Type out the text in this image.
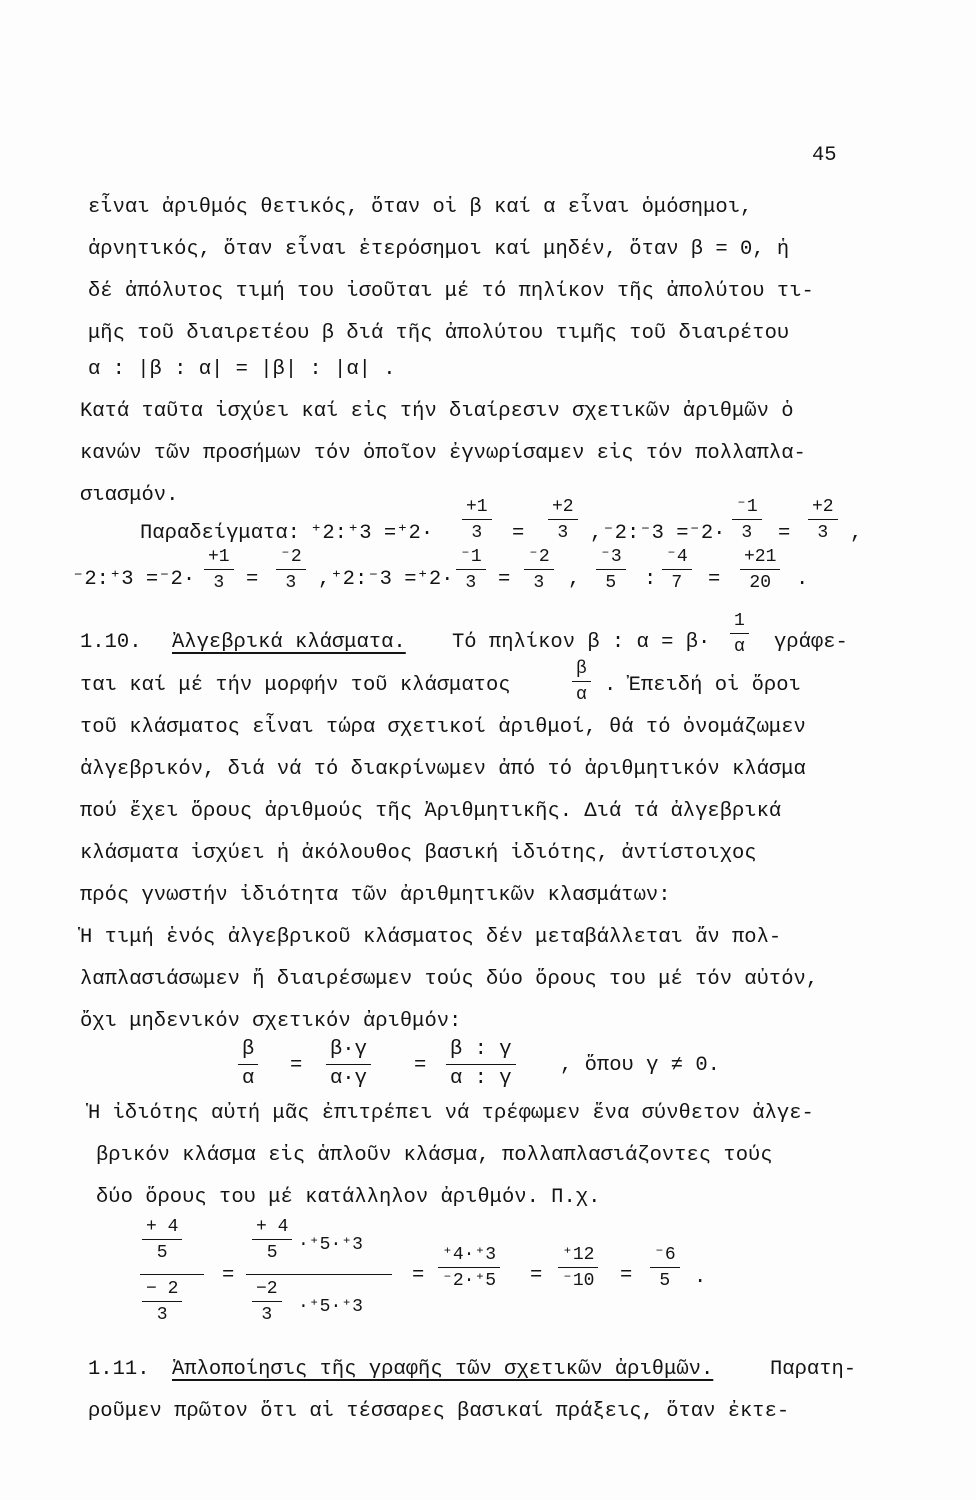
45
εἶναι ἀριθμός θετικός, ὅταν οἱ β καί α εἶναι ὁμόσημοι,
ἀρνητικός, ὅταν εἶναι ἑτερόσημοι καί μηδέν, ὅταν β = 0, ἡ
δέ ἀπόλυτος τιμή του ἰσοῦται μέ τό πηλίκον τῆς ἀπολύτου τι-
μῆς τοῦ διαιρετέου β διά τῆς ἀπολύτου τιμῆς τοῦ διαιρέτου
α : |β : α| = |β| : |α| .
Κατά ταῦτα ἰσχύει καί εἰς τήν διαίρεσιν σχετικῶν ἀριθμῶν ὁ
κανών τῶν προσήμων τόν ὁποῖον ἐγνωρίσαμεν εἰς τόν πολλαπλα-
σιασμόν.
Παραδείγματα: ⁺2:⁺3 $=^+2\cdot \frac{+1}{3} = \frac{+2}{3}$ ,⁻2:⁻3 $=^-2\cdot \frac{^-1}{3} = \frac{+2}{3}$ ,
⁻2:⁺3 $=^-2\cdot \frac{+1}{3} = \frac{^-2}{3}$ ,⁺2:⁻3 $=^+2\cdot \frac{^-1}{3} = \frac{^-2}{3}$ , $\frac{^-3}{5}$ : $\frac{^-4}{7} = \frac{+21}{20}$ .
1.10. Ἀλγεβρικά κλάσματα. Τό πηλίκον β : $\alpha = \beta\cdot \frac{1}{\alpha} \gamma\rho ά\varphi\varepsilon-$
ται καί μέ τήν μορφήν τοῦ κλάσματος	$\frac{\beta}{\alpha}$ . Ἐπειδή οἱ ὅροι
τοῦ κλάσματος εἶναι τώρα σχετικοί ἀριθμοί, θά τό ὀνομάζωμεν
ἀλγεβρικόν, διά νά τό διακρίνωμεν ἀπό τό ἀριθμητικόν κλάσμα
πού ἔχει ὅρους ἀριθμούς τῆς Ἀριθμητικῆς. Διά τά ἀλγεβρικά
κλάσματα ἰσχύει ἡ ἀκόλουθος βασική ἰδιότης, ἀντίστοιχος
πρός γνωστήν ἰδιότητα τῶν ἀριθμητικῶν κλασμάτων:
Ἡ τιμή ἑνός ἀλγεβρικοῦ κλάσματος δέν μεταβάλλεται ἄν πολ-
λαπλασιάσωμεν ἤ διαιρέσωμεν τούς δύο ὅρους του μέ τόν αὐτόν,
ὄχι μηδενικόν σχετικόν ἀριθμόν:
$\frac{\beta}{\alpha} = \frac{\beta\cdot\gamma}{\alpha\cdot\gamma} = \frac{\beta : \gamma}{\alpha : \gamma}$ , ὅπου γ ≠ 0.
Ἡ ἰδιότης αὐτή μᾶς ἐπιτρέπει νά τρέφωμεν ἕνα σύνθετον ἀλγε-
βρικόν κλάσμα εἰς ἁπλοῦν κλάσμα, πολλαπλασιάζοντες τούς
δύο ὅρους του μέ κατάλληλον ἀριθμόν. Π.χ.
$\frac{+ 4}{5}$
$\frac{- 2}{3}$
=
$\frac{+ 4}{5} \cdot^+5\cdot^+3$
$\frac{-2}{3} \cdot^+5\cdot^+3$
= $\frac{^+4\cdot^+3}{^-2\cdot^+5} = \frac{^+12}{^-10} = \frac{^-6}{5}$ .
1.11. Ἁπλοποίησις τῆς γραφῆς τῶν σχετικῶν ἀριθμῶν.	Παρατη-
ροῦμεν πρῶτον ὅτι αἱ τέσσαρες βασικαί πράξεις, ὅταν ἐκτε-
